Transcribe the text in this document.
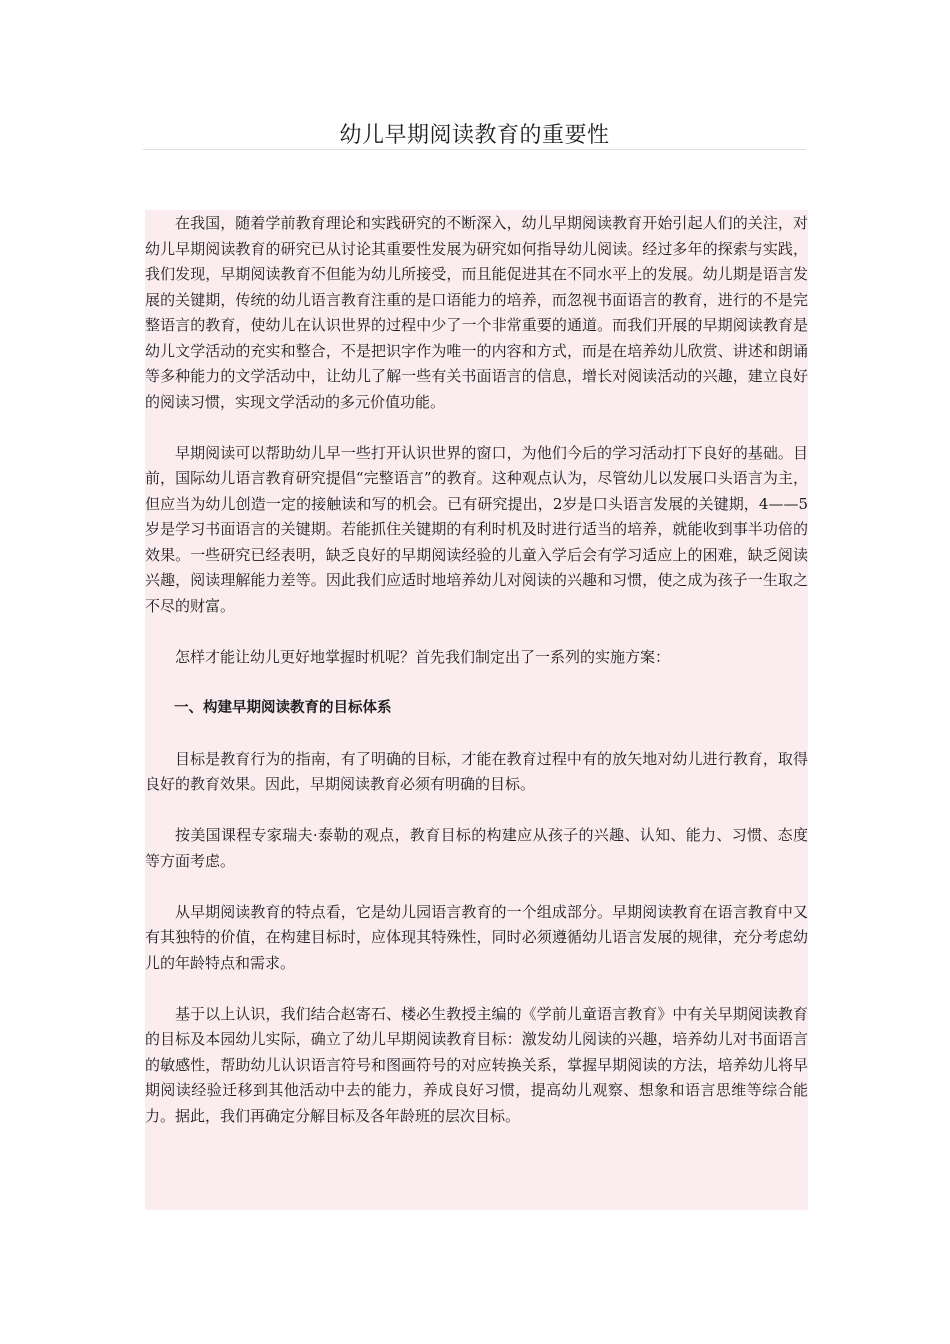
幼儿早期阅读教育的重要性

在我国，随着学前教育理论和实践研究的不断深入，幼儿早期阅读教育开始引起人们的关注，对幼儿早期阅读教育的研究已从讨论其重要性发展为研究如何指导幼儿阅读。经过多年的探索与实践，我们发现，早期阅读教育不但能为幼儿所接受，而且能促进其在不同水平上的发展。幼儿期是语言发展的关键期，传统的幼儿语言教育注重的是口语能力的培养，而忽视书面语言的教育，进行的不是完整语言的教育，使幼儿在认识世界的过程中少了一个非常重要的通道。而我们开展的早期阅读教育是幼儿文学活动的充实和整合，不是把识字作为唯一的内容和方式，而是在培养幼儿欣赏、讲述和朗诵等多种能力的文学活动中，让幼儿了解一些有关书面语言的信息，增长对阅读活动的兴趣，建立良好的阅读习惯，实现文学活动的多元价值功能。

早期阅读可以帮助幼儿早一些打开认识世界的窗口，为他们今后的学习活动打下良好的基础。目前，国际幼儿语言教育研究提倡“完整语言”的教育。这种观点认为，尽管幼儿以发展口头语言为主，但应当为幼儿创造一定的接触读和写的机会。已有研究提出，2岁是口头语言发展的关键期，4——5岁是学习书面语言的关键期。若能抓住关键期的有利时机及时进行适当的培养，就能收到事半功倍的效果。一些研究已经表明，缺乏良好的早期阅读经验的儿童入学后会有学习适应上的困难，缺乏阅读兴趣，阅读理解能力差等。因此我们应适时地培养幼儿对阅读的兴趣和习惯，使之成为孩子一生取之不尽的财富。

怎样才能让幼儿更好地掌握时机呢？首先我们制定出了一系列的实施方案：

一、构建早期阅读教育的目标体系

目标是教育行为的指南，有了明确的目标，才能在教育过程中有的放矢地对幼儿进行教育，取得良好的教育效果。因此，早期阅读教育必须有明确的目标。

按美国课程专家瑞夫·泰勒的观点，教育目标的构建应从孩子的兴趣、认知、能力、习惯、态度等方面考虑。

从早期阅读教育的特点看，它是幼儿园语言教育的一个组成部分。早期阅读教育在语言教育中又有其独特的价值，在构建目标时，应体现其特殊性，同时必须遵循幼儿语言发展的规律，充分考虑幼儿的年龄特点和需求。

基于以上认识，我们结合赵寄石、楼必生教授主编的《学前儿童语言教育》中有关早期阅读教育的目标及本园幼儿实际，确立了幼儿早期阅读教育目标：激发幼儿阅读的兴趣，培养幼儿对书面语言的敏感性，帮助幼儿认识语言符号和图画符号的对应转换关系，掌握早期阅读的方法，培养幼儿将早期阅读经验迁移到其他活动中去的能力，养成良好习惯，提高幼儿观察、想象和语言思维等综合能力。据此，我们再确定分解目标及各年龄班的层次目标。
